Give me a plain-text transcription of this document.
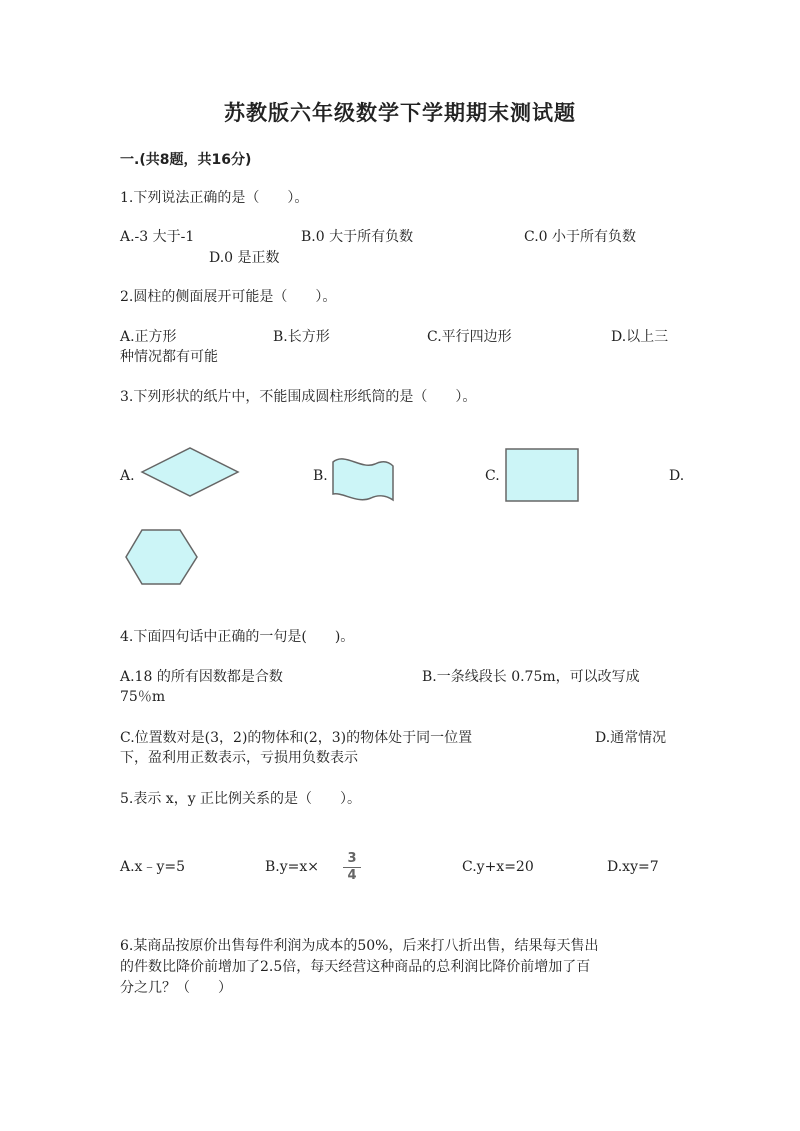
苏教版六年级数学下学期期末测试题
一.(共8题，共16分)
1.下列说法正确的是（　　）。
A.-3 大于-1	B.0 大于所有负数	C.0 小于所有负数
D.0 是正数
2.圆柱的侧面展开可能是（　　）。
A.正方形	B.长方形	C.平行四边形	D.以上三
种情况都有可能
3.下列形状的纸片中，不能围成圆柱形纸筒的是（　　）。
A.	B.	C.	D.
4.下面四句话中正确的一句是(　　)。
A.18 的所有因数都是合数	B.一条线段长 0.75m，可以改写成
75％m
C.位置数对是(3，2)的物体和(2，3)的物体处于同一位置	D.通常情况
下，盈利用正数表示，亏损用负数表示
5.表示 x，y 正比例关系的是（　　）。
A.x﹣y=5	B.y=x×
3
4
C.y+x=20	D.xy=7
6.某商品按原价出售每件利润为成本的50%，后来打八折出售，结果每天售出
的件数比降价前增加了2.5倍，每天经营这种商品的总利润比降价前增加了百
分之几？（　　）
